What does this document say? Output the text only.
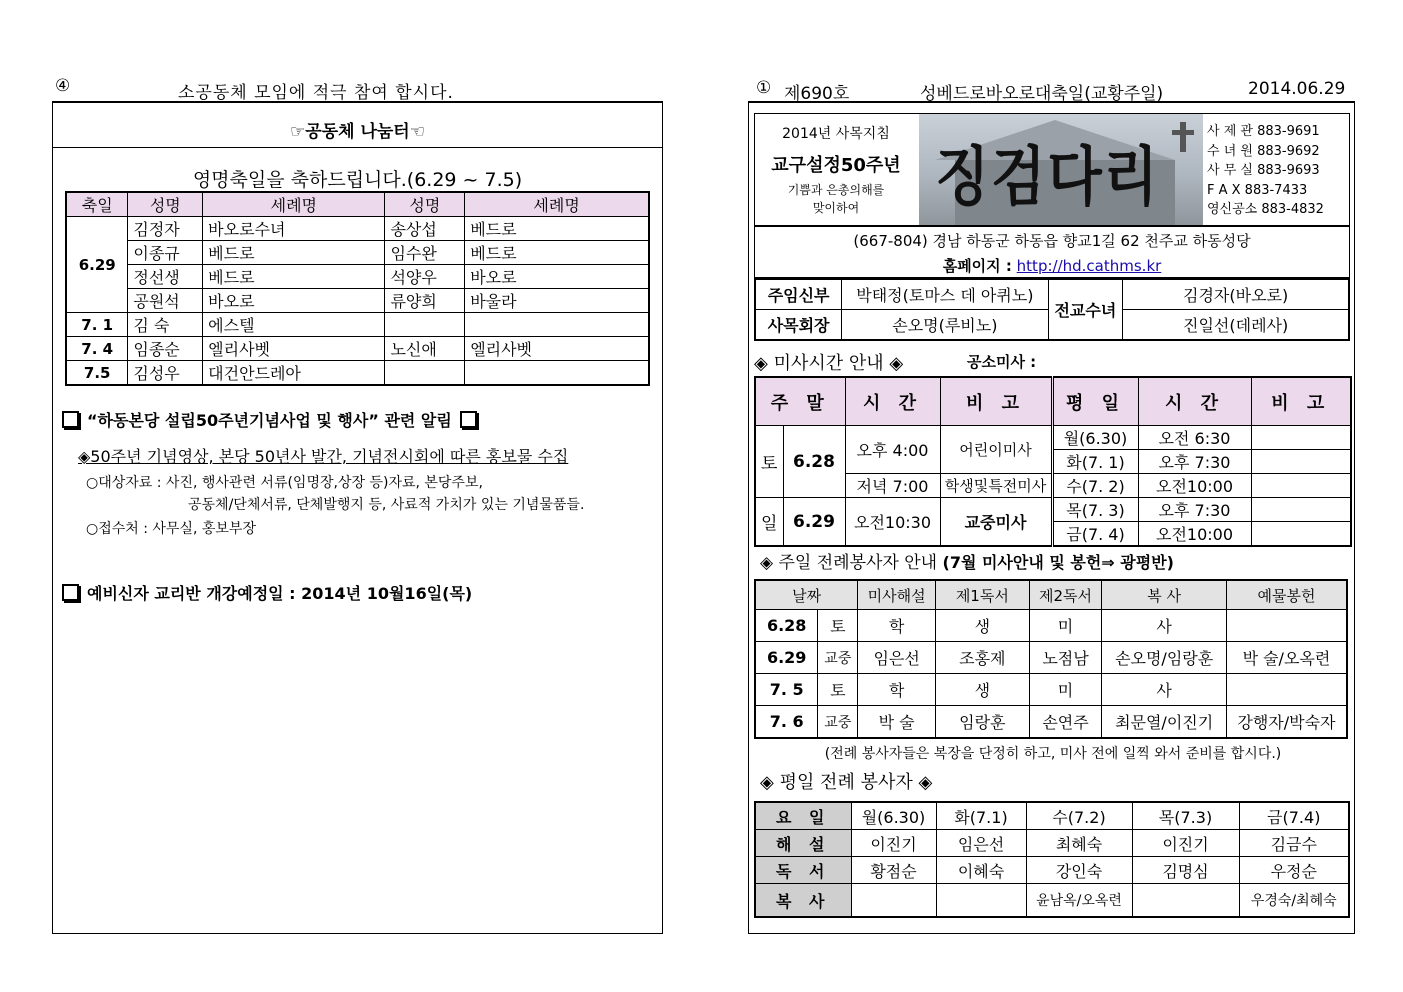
④	소공동체 모임에 적극 참여 합시다.
☞공동체 나눔터☜
영명축일을 축하드립니다.(6.29 ~ 7.5)
축일	성명	세례명	성명	세례명
6.29	김정자	바오로수녀	송상섭	베드로
	이종규	베드로	임수완	베드로
	정선생	베드로	석양우	바오로
	공원석	바오로	류양희	바울라
7. 1	김 숙	에스텔		
7. 4	임종순	엘리사벳	노신애	엘리사벳
7.5	김성우	대건안드레아		
“하동본당 설립50주년기념사업 및 행사” 관련 알림
◈50주년 기념영상, 본당 50년사 발간, 기념전시회에 따른 홍보물 수집
○대상자료 : 사진, 행사관련 서류(임명장,상장 등)자료, 본당주보,
공동체/단체서류, 단체발행지 등, 사료적 가치가 있는 기념물품들.
○접수처 : 사무실, 홍보부장
예비신자 교리반 개강예정일 : 2014년 10월16일(목)
① 제690호	성베드로바오로대축일(교황주일)	2014.06.29
2014년 사목지침
교구설정50주년
기쁨과 은총의해를
맞이하여	징검다리
사 제 관 883-9691
수 녀 원 883-9692
사 무 실 883-9693
F A X 883-7433
영신공소 883-4832
(667-804) 경남 하동군 하동읍 향교1길 62 천주교 하동성당
홈페이지 : http://hd.cathms.kr
주임신부	박태정(토마스 데 아퀴노)	전교수녀	김경자(바오로)
사목회장	손오명(루비노)		진일선(데레사)
◈ 미사시간 안내 ◈	공소미사 :
주 말		시 간	비 고	평 일	시 간	비 고
토	6.28	오후 4:00	어린이미사	월(6.30)	오전 6:30	
				화(7. 1)	오후 7:30	
		저녁 7:00	학생및특전미사	수(7. 2)	오전10:00	
일	6.29	오전10:30	교중미사	목(7. 3)	오후 7:30	
				금(7. 4)	오전10:00	
◈ 주일 전례봉사자 안내 (7월 미사안내 및 봉헌⇒ 광평반)
날짜		미사해설	제1독서	제2독서	복 사	예물봉헌
6.28	토	학	생	미	사	
6.29	교중	임은선	조홍제	노점남	손오명/임랑훈	박 술/오옥련
7. 5	토	학	생	미	사	
7. 6	교중	박 술	임랑훈	손연주	최문열/이진기	강행자/박숙자
(전례 봉사자들은 복장을 단정히 하고, 미사 전에 일찍 와서 준비를 합시다.)
◈ 평일 전례 봉사자 ◈
요 일	월(6.30)	화(7.1)	수(7.2)	목(7.3)	금(7.4)
해 설	이진기	임은선	최혜숙	이진기	김금수
독 서	황점순	이혜숙	강인숙	김명심	우정순
복 사			윤남옥/오옥련		우경숙/최혜숙
